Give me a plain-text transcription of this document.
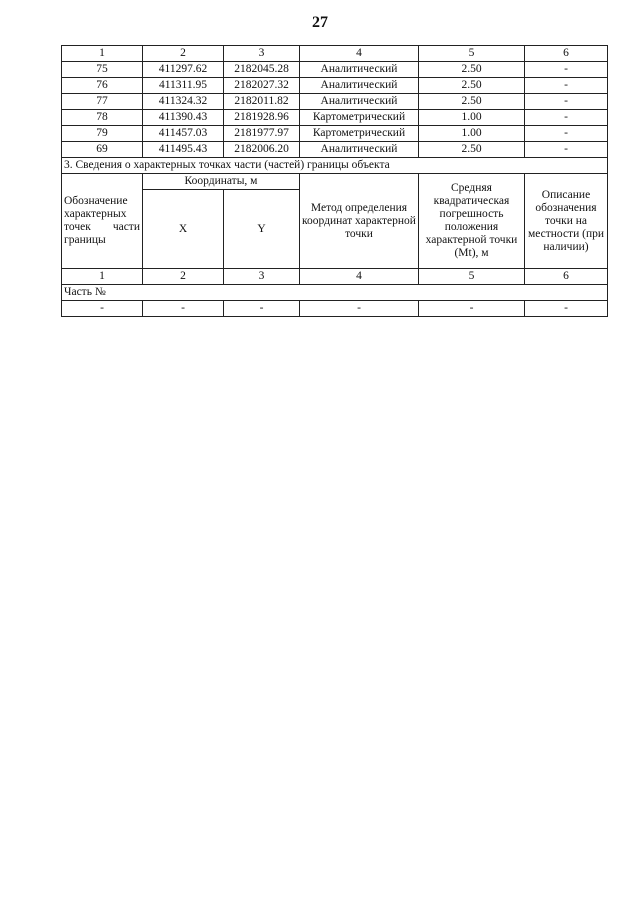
27
1	2	3	4	5	6
75	411297.62	2182045.28	Аналитический	2.50	-
76	411311.95	2182027.32	Аналитический	2.50	-
77	411324.32	2182011.82	Аналитический	2.50	-
78	411390.43	2181928.96	Картометрический	1.00	-
79	411457.03	2181977.97	Картометрический	1.00	-
69	411495.43	2182006.20	Аналитический	2.50	-
3. Сведения о характерных точках части (частей) границы объекта					
Обозначение характерных точек части границы	Координаты, м		Метод определения координат характерной точки	Средняя квадратическая погрешность положения характерной точки (Mt), м	Описание обозначения точки на местности (при наличии)
	X	Y			
1	2	3	4	5	6
Часть №					
-	-	-	-	-	-
